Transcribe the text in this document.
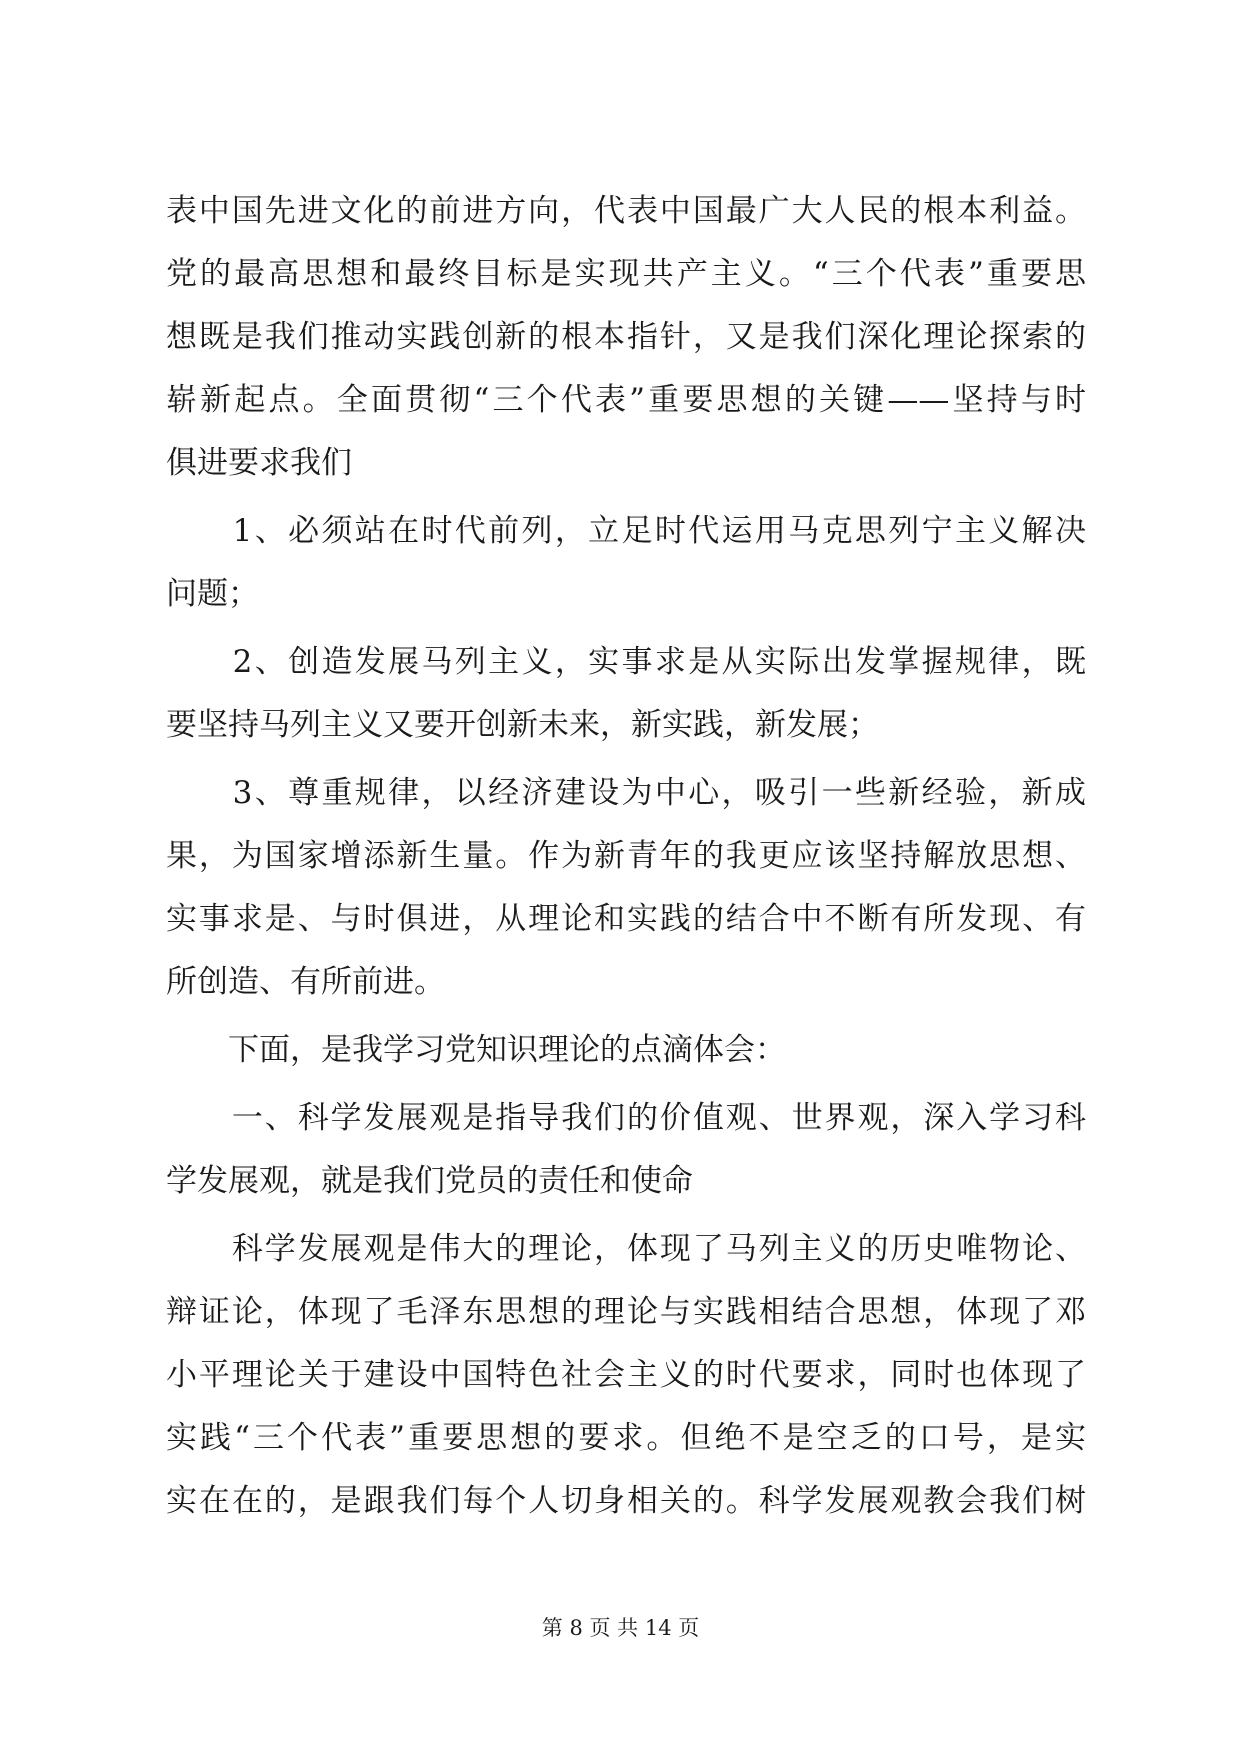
表中国先进文化的前进方向，代表中国最广大人民的根本利益。
党的最高思想和最终目标是实现共产主义。“三个代表”重要思
想既是我们推动实践创新的根本指针，又是我们深化理论探索的
崭新起点。全面贯彻“三个代表”重要思想的关键——坚持与时
俱进要求我们
　　1、必须站在时代前列，立足时代运用马克思列宁主义解决
问题；
　　2、创造发展马列主义，实事求是从实际出发掌握规律，既
要坚持马列主义又要开创新未来，新实践，新发展；
　　3、尊重规律，以经济建设为中心，吸引一些新经验，新成
果，为国家增添新生量。作为新青年的我更应该坚持解放思想、
实事求是、与时俱进，从理论和实践的结合中不断有所发现、有
所创造、有所前进。
　　下面，是我学习党知识理论的点滴体会：
　　一、科学发展观是指导我们的价值观、世界观，深入学习科
学发展观，就是我们党员的责任和使命
　　科学发展观是伟大的理论，体现了马列主义的历史唯物论、
辩证论，体现了毛泽东思想的理论与实践相结合思想，体现了邓
小平理论关于建设中国特色社会主义的时代要求，同时也体现了
实践“三个代表”重要思想的要求。但绝不是空乏的口号，是实
实在在的，是跟我们每个人切身相关的。科学发展观教会我们树
第 8 页 共 14 页
